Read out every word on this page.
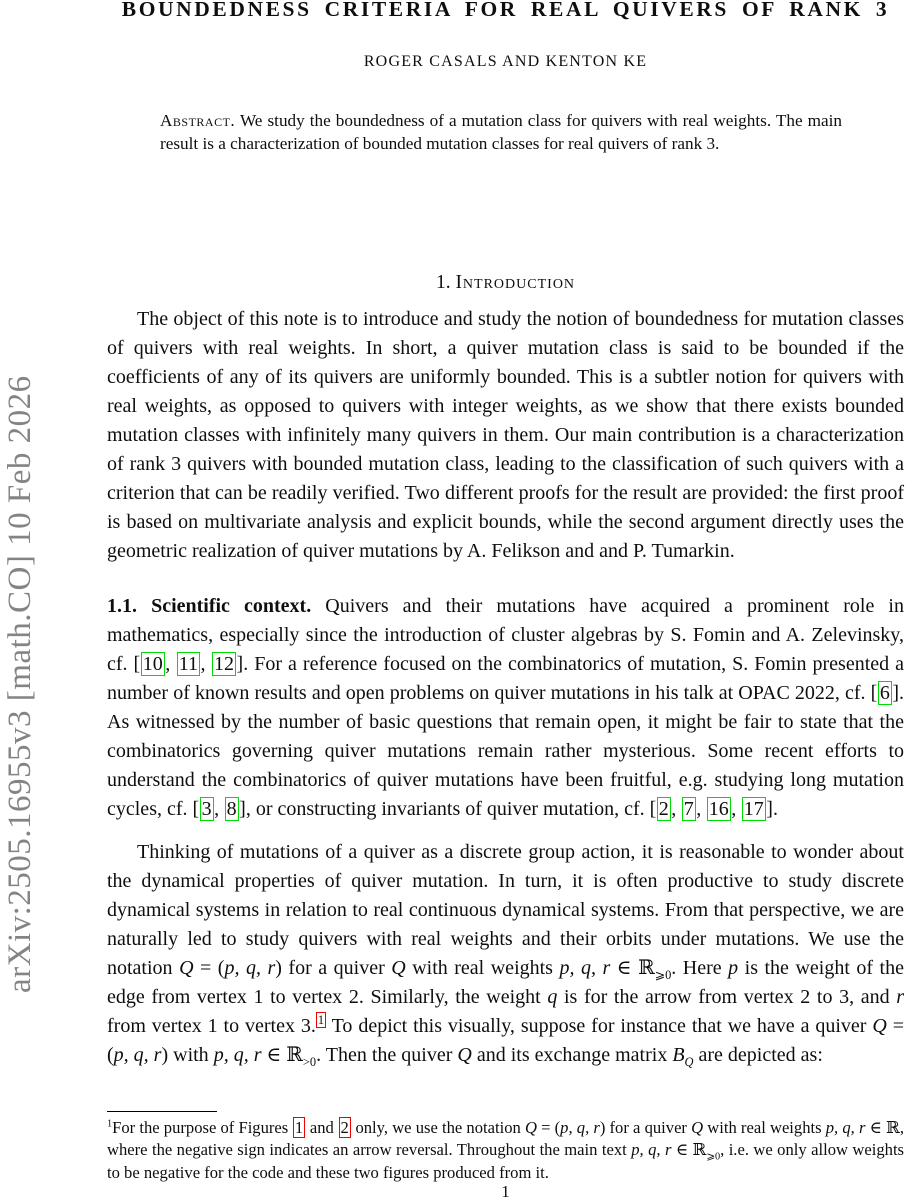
arXiv:2505.16955v3 [math.CO] 10 Feb 2026
BOUNDEDNESS CRITERIA FOR REAL QUIVERS OF RANK 3
ROGER CASALS AND KENTON KE
Abstract. We study the boundedness of a mutation class for quivers with real weights. The main result is a characterization of bounded mutation classes for real quivers of rank 3.
1. Introduction

The object of this note is to introduce and study the notion of boundedness for mutation classes of quivers with real weights. In short, a quiver mutation class is said to be bounded if the coefficients of any of its quivers are uniformly bounded. This is a subtler notion for quivers with real weights, as opposed to quivers with integer weights, as we show that there exists bounded mutation classes with infinitely many quivers in them. Our main contribution is a characterization of rank 3 quivers with bounded mutation class, leading to the classification of such quivers with a criterion that can be readily verified. Two different proofs for the result are provided: the first proof is based on multivariate analysis and explicit bounds, while the second argument directly uses the geometric realization of quiver mutations by A. Felikson and and P. Tumarkin.

1.1. Scientific context. Quivers and their mutations have acquired a prominent role in mathematics, especially since the introduction of cluster algebras by S. Fomin and A. Zelevinsky, cf. [ 10 , 11 , 12 ]. For a reference focused on the combinatorics of mutation, S. Fomin presented a number of known results and open problems on quiver mutations in his talk at OPAC 2022, cf. [ 6 ]. As witnessed by the number of basic questions that remain open, it might be fair to state that the combinatorics governing quiver mutations remain rather mysterious. Some recent efforts to understand the combinatorics of quiver mutations have been fruitful, e.g. studying long mutation cycles, cf. [ 3 , 8 ], or constructing invariants of quiver mutation, cf. [ 2 , 7 , 16 , 17 ].

Thinking of mutations of a quiver as a discrete group action, it is reasonable to wonder about the dynamical properties of quiver mutation. In turn, it is often productive to study discrete dynamical systems in relation to real continuous dynamical systems. From that perspective, we are naturally led to study quivers with real weights and their orbits under mutations. We use the notation Q = (p, q, r) for a quiver Q with real weights p, q, r ∈ ℝ$_{⩾0}$. Here p is the weight of the edge from vertex 1 to vertex 2. Similarly, the weight q is for the arrow from vertex 2 to 3, and r from vertex 1 to vertex 3. $^1$ To depict this visually, suppose for instance that we have a quiver Q = (p, q, r) with p, q, r ∈ ℝ$_{>0}$. Then the quiver Q and its exchange matrix $B_Q$ are depicted as:

$^1$For the purpose of Figures 1 and 2 only, we use the notation Q = (p, q, r) for a quiver Q with real weights p, q, r ∈ ℝ, where the negative sign indicates an arrow reversal. Throughout the main text p, q, r ∈ ℝ$_{⩾0}$, i.e. we only allow weights to be negative for the code and these two figures produced from it.

1
